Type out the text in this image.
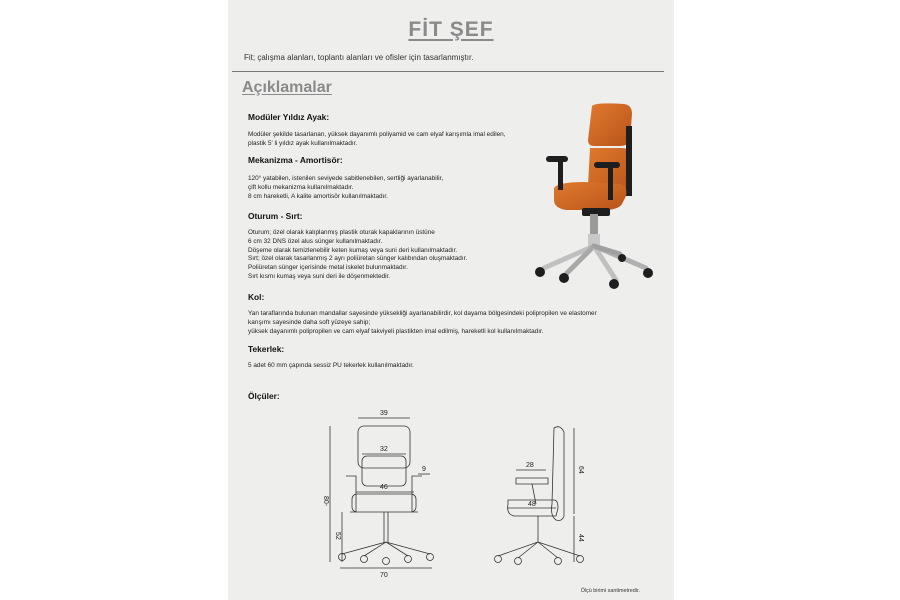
FİT ŞEF
Fit; çalışma alanları, toplantı alanları ve ofisler için tasarlanmıştır.
Açıklamalar
Modüler Yıldız Ayak:
Modüler şekilde tasarlanan, yüksek dayanımlı poliyamid ve cam elyaf karışımla imal edilen,
plastik 5' li yıldız ayak kullanılmaktadır.
Mekanizma - Amortisör:
120° yatabilen, istenilen seviyede sabitlenebilen, sertliği ayarlanabilir,
çift kollu mekanizma kullanılmaktadır.
8 cm hareketli, A kalite amortisör kullanılmaktadır.
Oturum - Sırt:
Oturum; özel olarak kalıplanmış plastik oturak kapaklarının üstüne
6 cm 32 DNS özel alus sünger kullanılmaktadır.
Döşeme olarak temizlenebilir keten kumaş veya suni deri kullanılmaktadır.
Sırt; özel olarak tasarlanmış 2 ayrı poliüretan sünger kalıbından oluşmaktadır.
Poliüretan sünger içerisinde metal iskelet bulunmaktadır.
Sırt kısmı kumaş veya suni deri ile döşenmektedir.
Kol:
Yan taraflarında bulunan mandallar sayesinde yüksekliği ayarlanabilirdir, kol dayama bölgesindeki polipropilen ve elastomer
karışımı sayesinde daha soft yüzeye sahip;
yüksek dayanımlı polipropilen ve cam elyaf takviyeli plastikten imal edilmiş, hareketli kol kullanılmaktadır.
Tekerlek:
5 adet 60 mm çapında sessiz PU tekerlek kullanılmaktadır.
Ölçüler:
39
32
9
46
70
80-
52
28
48
64
44
Ölçü birimi santimetredir.
